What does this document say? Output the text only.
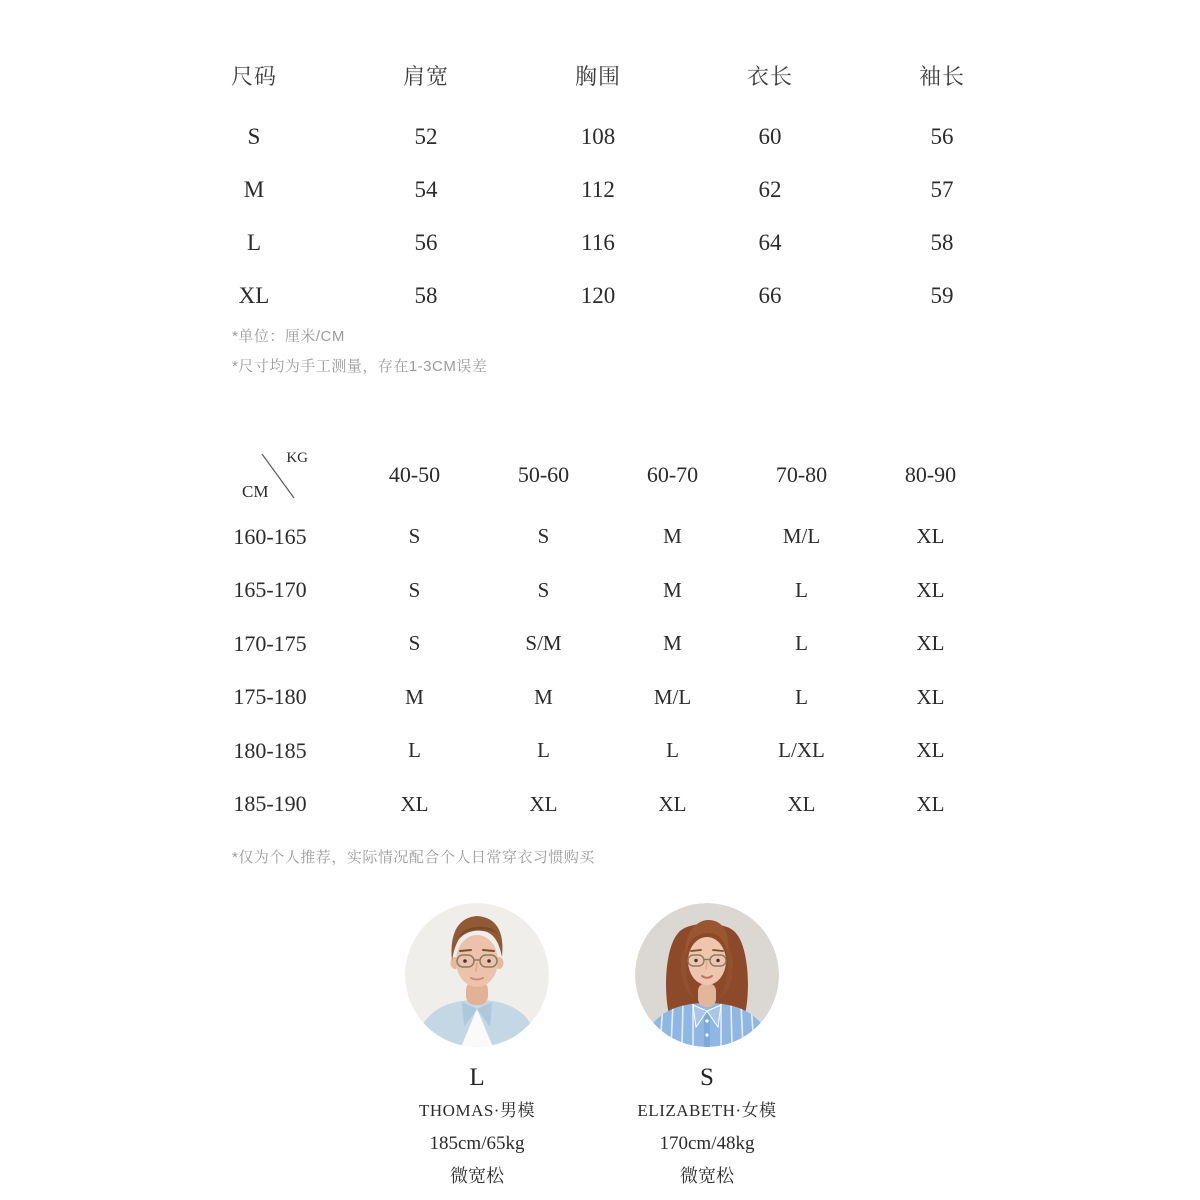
尺码	肩宽	胸围	衣长	袖长
S	52	108	60	56
M	54	112	62	57
L	56	116	64	58
XL	58	120	66	59

*单位：厘米/CM

*尺寸均为手工测量，存在1-3CM误差

KG
CM
40-50	50-60	60-70	70-80	80-90
160-165	S	S	M	M/L	XL
165-170	S	S	M	L	XL
170-175	S	S/M	M	L	XL
175-180	M	M	M/L	L	XL
180-185	L	L	L	L/XL	XL
185-190	XL	XL	XL	XL	XL

*仅为个人推荐，实际情况配合个人日常穿衣习惯购买

L
THOMAS·男模
185cm/65kg
微宽松
S
ELIZABETH·女模
170cm/48kg
微宽松
